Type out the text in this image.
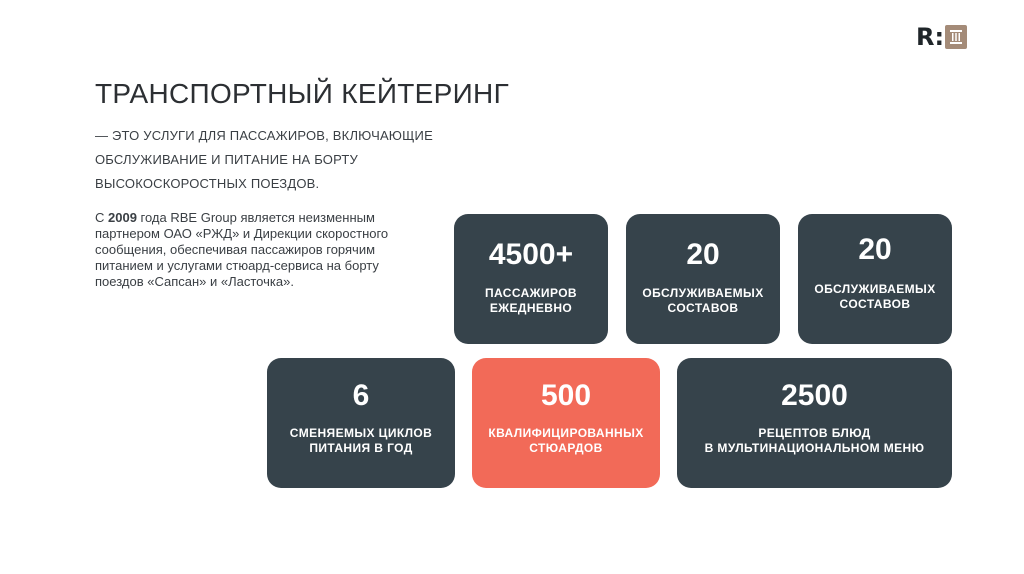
R:
ТРАНСПОРТНЫЙ КЕЙТЕРИНГ
— ЭТО УСЛУГИ ДЛЯ ПАССАЖИРОВ, ВКЛЮЧАЮЩИЕ
ОБСЛУЖИВАНИЕ И ПИТАНИЕ НА БОРТУ
ВЫСОКОСКОРОСТНЫХ ПОЕЗДОВ.
С 2009 года RBE Group является неизменным
партнером ОАО «РЖД» и Дирекции скоростного
сообщения, обеспечивая пассажиров горячим
питанием и услугами стюард-сервиса на борту
поездов «Сапсан» и «Ласточка».
4500+
ПАССАЖИРОВ
ЕЖЕДНЕВНО
20
ОБСЛУЖИВАЕМЫХ
СОСТАВОВ
20
ОБСЛУЖИВАЕМЫХ
СОСТАВОВ
6
СМЕНЯЕМЫХ ЦИКЛОВ
ПИТАНИЯ В ГОД
500
КВАЛИФИЦИРОВАННЫХ
СТЮАРДОВ
2500
РЕЦЕПТОВ БЛЮД
В МУЛЬТИНАЦИОНАЛЬНОМ МЕНЮ
